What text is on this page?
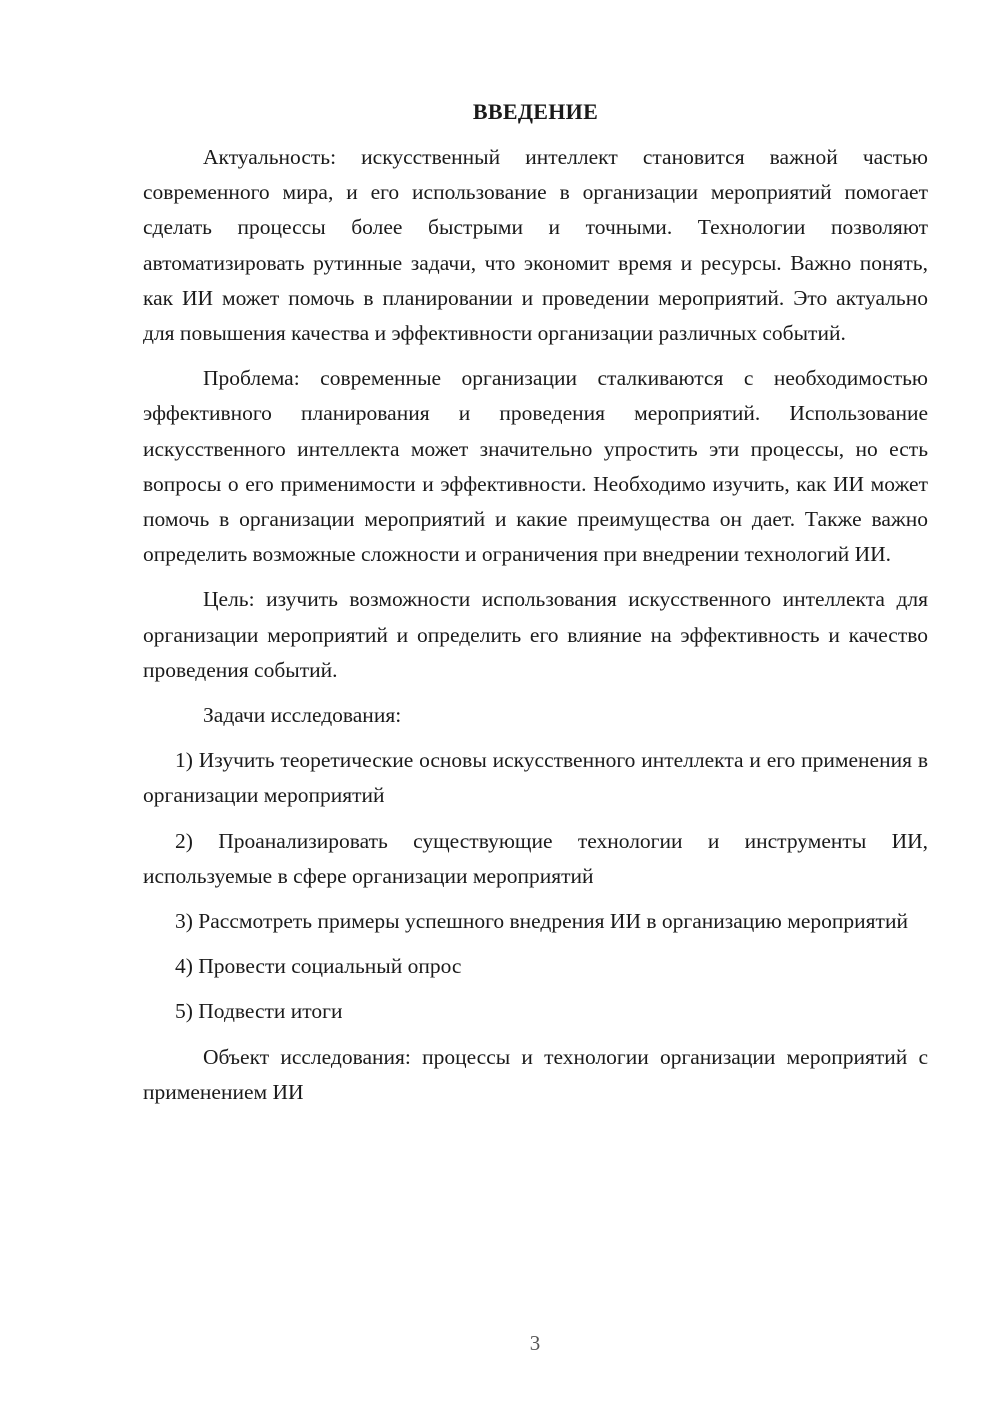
ВВЕДЕНИЕ

Актуальность: искусственный интеллект становится важной частью современного мира, и его использование в организации мероприятий помогает сделать процессы более быстрыми и точными. Технологии позволяют автоматизировать рутинные задачи, что экономит время и ресурсы. Важно понять, как ИИ может помочь в планировании и проведении мероприятий. Это актуально для повышения качества и эффективности организации различных событий.

Проблема: современные организации сталкиваются с необходимостью эффективного планирования и проведения мероприятий. Использование искусственного интеллекта может значительно упростить эти процессы, но есть вопросы о его применимости и эффективности. Необходимо изучить, как ИИ может помочь в организации мероприятий и какие преимущества он дает. Также важно определить возможные сложности и ограничения при внедрении технологий ИИ.

Цель: изучить возможности использования искусственного интеллекта для организации мероприятий и определить его влияние на эффективность и качество проведения событий.

Задачи исследования:

1) Изучить теоретические основы искусственного интеллекта и его применения в организации мероприятий

2) Проанализировать существующие технологии и инструменты ИИ, используемые в сфере организации мероприятий

3) Рассмотреть примеры успешного внедрения ИИ в организацию мероприятий

4) Провести социальный опрос

5) Подвести итоги

Объект исследования: процессы и технологии организации мероприятий с применением ИИ

3
